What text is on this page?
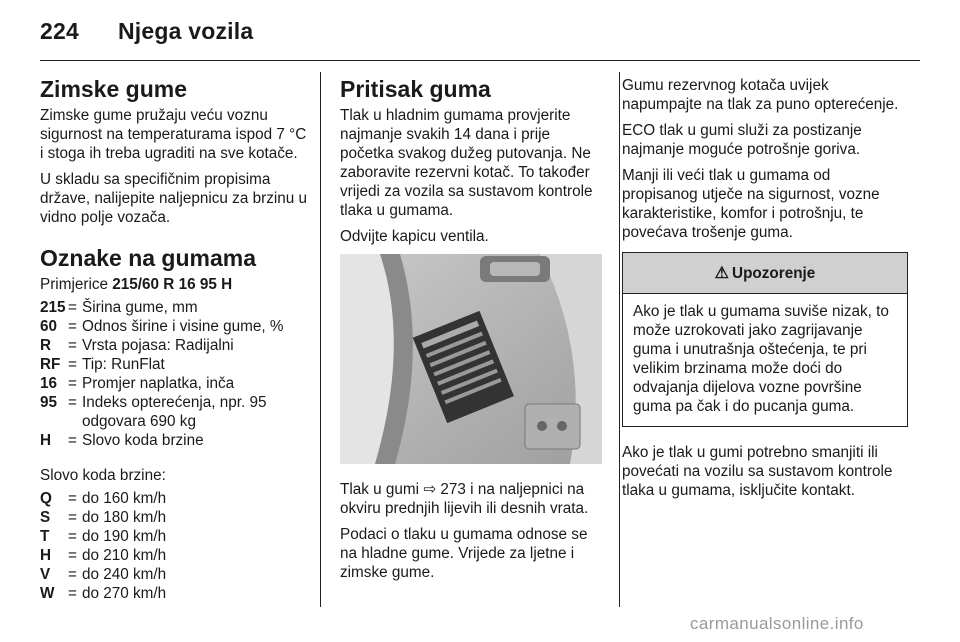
224 Njega vozila
Zimske gume

Zimske gume pružaju veću voznu sigurnost na temperaturama ispod 7 °C i stoga ih treba ugraditi na sve kotače.

U skladu sa specifičnim propisima države, nalijepite naljepnicu za brzinu u vidno polje vozača.

Oznake na gumama

Primjerice 215/60 R 16 95 H

215 = Širina gume, mm
60 = Odnos širine i visine gume, %
R	= Vrsta pojasa: Radijalni
RF = Tip: RunFlat
16 = Promjer naplatka, inča
95 = Indeks opterećenja, npr. 95 odgovara 690 kg
H	= Slovo koda brzine

Slovo koda brzine:

Q	= do 160 km/h
S	= do 180 km/h
T	= do 190 km/h
H	= do 210 km/h
V	= do 240 km/h
W = do 270 km/h
Pritisak guma

Tlak u hladnim gumama provjerite najmanje svakih 14 dana i prije početka svakog dužeg putovanja. Ne zaboravite rezervni kotač. To također vrijedi za vozila sa sustavom kontrole tlaka u gumama.

Odvijte kapicu ventila.

Tlak u gumi ⇨ 273 i na naljepnici na okviru prednjih lijevih ili desnih vrata.

Podaci o tlaku u gumama odnose se na hladne gume. Vrijede za ljetne i zimske gume.

Gumu rezervnog kotača uvijek napumpajte na tlak za puno opterećenje.

ECO tlak u gumi služi za postizanje najmanje moguće potrošnje goriva.

Manji ili veći tlak u gumama od propisanog utječe na sigurnost, vozne karakteristike, komfor i potrošnju, te povećava trošenje guma.

⚠ Upozorenje
Ako je tlak u gumama suviše nizak, to može uzrokovati jako zagrijavanje guma i unutrašnja oštećenja, te pri velikim brzinama može doći do odvajanja dijelova vozne površine guma pa čak i do pucanja guma.

Ako je tlak u gumi potrebno smanjiti ili povećati na vozilu sa sustavom kontrole tlaka u gumama, isključite kontakt.

carmanualsonline.info
